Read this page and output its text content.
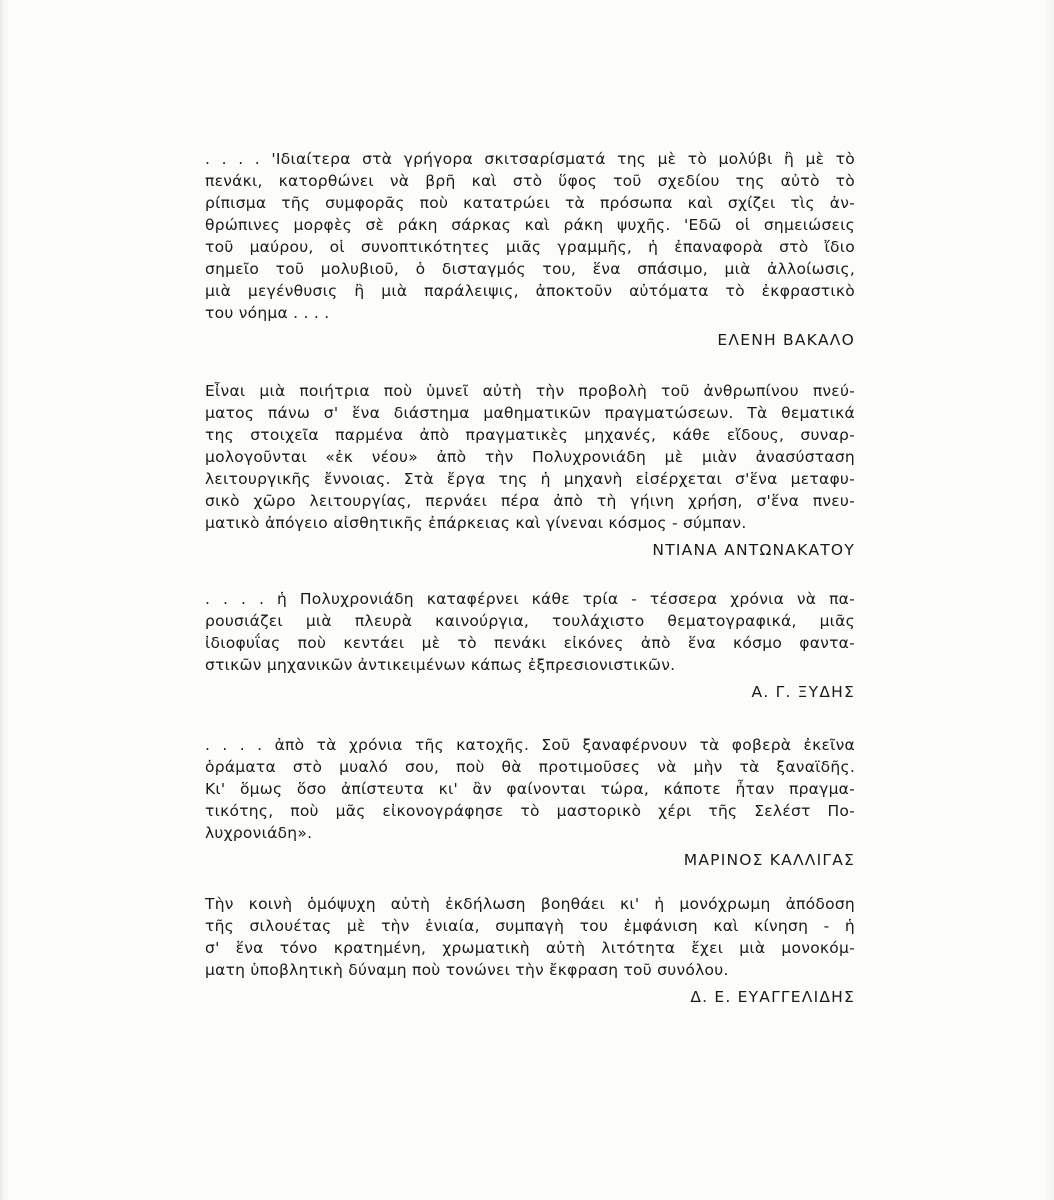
. . . . 'Ιδιαίτερα στὰ γρήγορα σκιτσαρίσματά της μὲ τὸ μολύβι ἢ μὲ τὸ
πενάκι, κατορθώνει νὰ βρῆ καὶ στὸ ὕφος τοῦ σχεδίου της αὐτὸ τὸ
ρίπισμα τῆς συμφορᾶς ποὺ κατατρώει τὰ πρόσωπα καὶ σχίζει τὶς ἀν-
θρώπινες μορφὲς σὲ ράκη σάρκας καὶ ράκη ψυχῆς. 'Εδῶ οἱ σημειώσεις
τοῦ μαύρου, οἱ συνοπτικότητες μιᾶς γραμμῆς, ἡ ἐπαναφορὰ στὸ ἴδιο
σημεῖο τοῦ μολυβιοῦ, ὁ δισταγμός του, ἕνα σπάσιμο, μιὰ ἀλλοίωσις,
μιὰ μεγένθυσις ἢ μιὰ παράλειψις, ἀποκτοῦν αὐτόματα τὸ ἐκφραστικὸ
του νόημα . . . .
ΕΛΕΝΗ ΒΑΚΑΛΟ
Εἶναι μιὰ ποιήτρια ποὺ ὑμνεῖ αὐτὴ τὴν προβολὴ τοῦ ἀνθρωπίνου πνεύ-
ματος πάνω σ' ἕνα διάστημα μαθηματικῶν πραγματώσεων. Τὰ θεματικά
της στοιχεῖα παρμένα ἀπὸ πραγματικὲς μηχανές, κάθε εἴδους, συναρ-
μολογοῦνται «ἐκ νέου» ἀπὸ τὴν Πολυχρονιάδη μὲ μιὰν ἀνασύσταση
λειτουργικῆς ἔννοιας. Στὰ ἔργα της ἡ μηχανὴ εἰσέρχεται σ'ἕνα μεταφυ-
σικὸ χῶρο λειτουργίας, περνάει πέρα ἀπὸ τὴ γήινη χρήση, σ'ἕνα πνευ-
ματικὸ ἀπόγειο αἰσθητικῆς ἐπάρκειας καὶ γίνεναι κόσμος - σύμπαν.
ΝΤΙΑΝΑ ΑΝΤΩΝΑΚΑΤΟΥ
. . . . ἡ Πολυχρονιάδη καταφέρνει κάθε τρία - τέσσερα χρόνια νὰ πα-
ρουσιάζει μιὰ πλευρὰ καινούργια, τουλάχιστο θεματογραφικά, μιᾶς
ἰδιοφυΐας ποὺ κεντάει μὲ τὸ πενάκι εἰκόνες ἀπὸ ἕνα κόσμο φαντα-
στικῶν μηχανικῶν ἀντικειμένων κάπως ἐξπρεσιονιστικῶν.
Α. Γ. ΞΥΔΗΣ
. . . . ἀπὸ τὰ χρόνια τῆς κατοχῆς. Σοῦ ξαναφέρνουν τὰ φοβερὰ ἐκεῖνα
ὁράματα στὸ μυαλό σου, ποὺ θὰ προτιμοῦσες νὰ μὴν τὰ ξαναϊδῆς.
Κι' ὅμως ὅσο ἀπίστευτα κι' ἂν φαίνονται τώρα, κάποτε ἦταν πραγμα-
τικότης, ποὺ μᾶς εἰκονογράφησε τὸ μαστορικὸ χέρι τῆς Σελέστ Πο-
λυχρονιάδη».
ΜΑΡΙΝΟΣ ΚΑΛΛΙΓΑΣ
Τὴν κοινὴ ὁμόψυχη αὐτὴ ἐκδήλωση βοηθάει κι' ἡ μονόχρωμη ἀπόδοση
τῆς σιλουέτας μὲ τὴν ἑνιαία, συμπαγὴ του ἐμφάνιση καὶ κίνηση - ἡ
σ' ἕνα τόνο κρατημένη, χρωματικὴ αὐτὴ λιτότητα ἔχει μιὰ μονοκόμ-
ματη ὑποβλητικὴ δύναμη ποὺ τονώνει τὴν ἔκφραση τοῦ συνόλου.
Δ. Ε. ΕΥΑΓΓΕΛΙΔΗΣ
